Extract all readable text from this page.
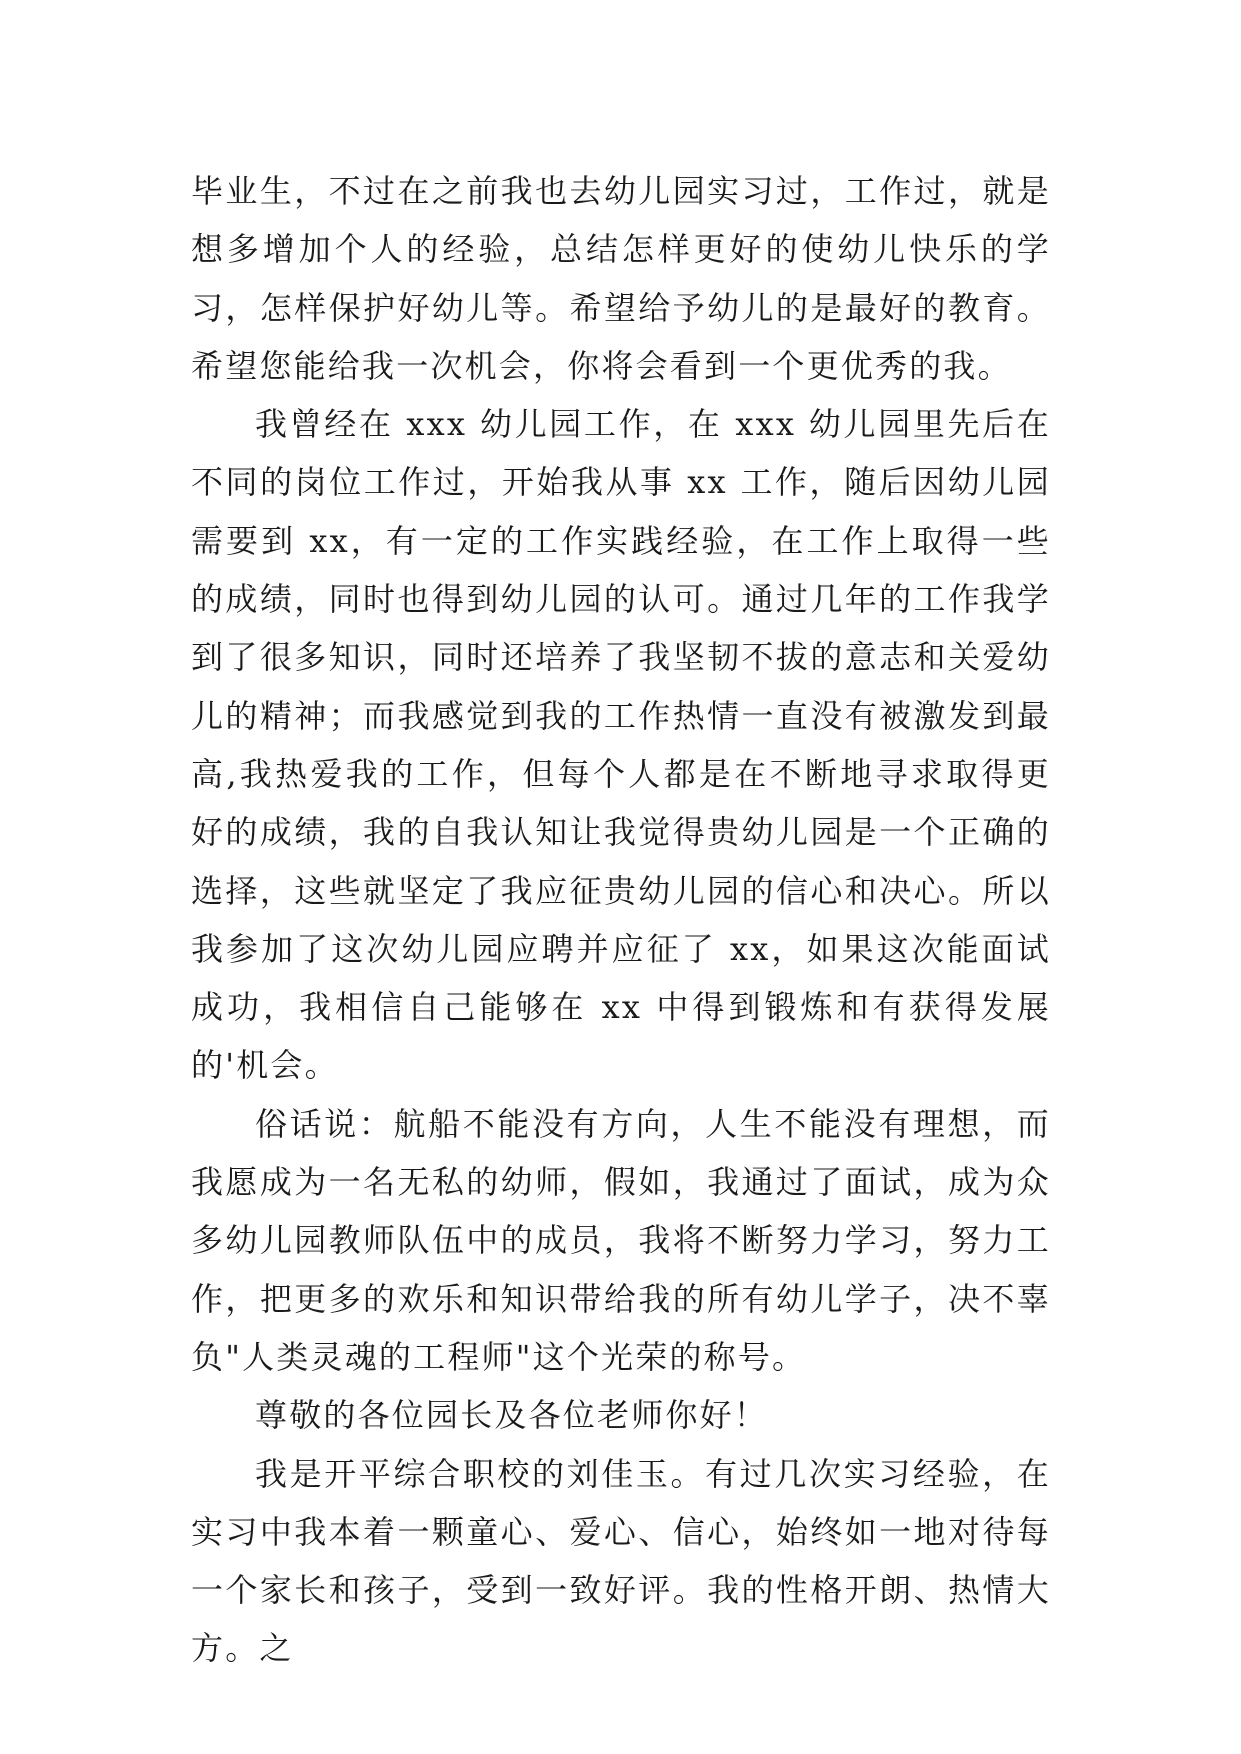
毕业生，不过在之前我也去幼儿园实习过，工作过，就是想多增加个人的经验，总结怎样更好的使幼儿快乐的学习，怎样保护好幼儿等。希望给予幼儿的是最好的教育。希望您能给我一次机会，你将会看到一个更优秀的我。

我曾经在 xxx 幼儿园工作，在 xxx 幼儿园里先后在不同的岗位工作过，开始我从事 xx 工作，随后因幼儿园需要到 xx，有一定的工作实践经验，在工作上取得一些的成绩，同时也得到幼儿园的认可。通过几年的工作我学到了很多知识，同时还培养了我坚韧不拔的意志和关爱幼儿的精神；而我感觉到我的工作热情一直没有被激发到最高,我热爱我的工作，但每个人都是在不断地寻求取得更好的成绩，我的自我认知让我觉得贵幼儿园是一个正确的选择，这些就坚定了我应征贵幼儿园的信心和决心。所以我参加了这次幼儿园应聘并应征了 xx，如果这次能面试成功，我相信自己能够在 xx 中得到锻炼和有获得发展的'机会。

俗话说：航船不能没有方向，人生不能没有理想，而我愿成为一名无私的幼师，假如，我通过了面试，成为众多幼儿园教师队伍中的成员，我将不断努力学习，努力工作，把更多的欢乐和知识带给我的所有幼儿学子，决不辜负"人类灵魂的工程师"这个光荣的称号。

尊敬的各位园长及各位老师你好！

我是开平综合职校的刘佳玉。有过几次实习经验，在实习中我本着一颗童心、爱心、信心，始终如一地对待每一个家长和孩子，受到一致好评。我的性格开朗、热情大方。之
